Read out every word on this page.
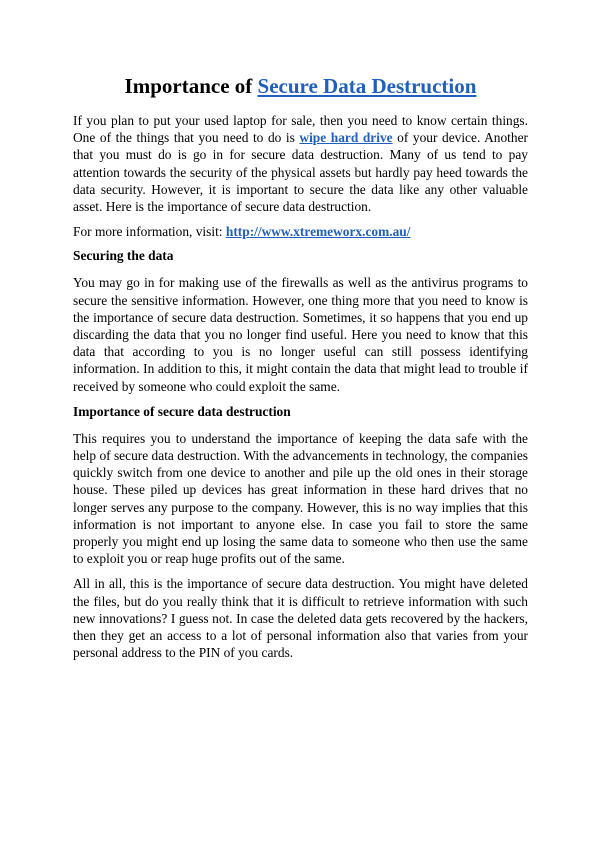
Importance of Secure Data Destruction

If you plan to put your used laptop for sale, then you need to know certain things. One of the things that you need to do is wipe hard drive of your device. Another that you must do is go in for secure data destruction. Many of us tend to pay attention towards the security of the physical assets but hardly pay heed towards the data security. However, it is important to secure the data like any other valuable asset. Here is the importance of secure data destruction.

For more information, visit: http://www.xtremeworx.com.au/

Securing the data

You may go in for making use of the firewalls as well as the antivirus programs to secure the sensitive information. However, one thing more that you need to know is the importance of secure data destruction. Sometimes, it so happens that you end up discarding the data that you no longer find useful. Here you need to know that this data that according to you is no longer useful can still possess identifying information. In addition to this, it might contain the data that might lead to trouble if received by someone who could exploit the same.

Importance of secure data destruction

This requires you to understand the importance of keeping the data safe with the help of secure data destruction. With the advancements in technology, the companies quickly switch from one device to another and pile up the old ones in their storage house. These piled up devices has great information in these hard drives that no longer serves any purpose to the company. However, this is no way implies that this information is not important to anyone else. In case you fail to store the same properly you might end up losing the same data to someone who then use the same to exploit you or reap huge profits out of the same.

All in all, this is the importance of secure data destruction. You might have deleted the files, but do you really think that it is difficult to retrieve information with such new innovations? I guess not. In case the deleted data gets recovered by the hackers, then they get an access to a lot of personal information also that varies from your personal address to the PIN of you cards.
